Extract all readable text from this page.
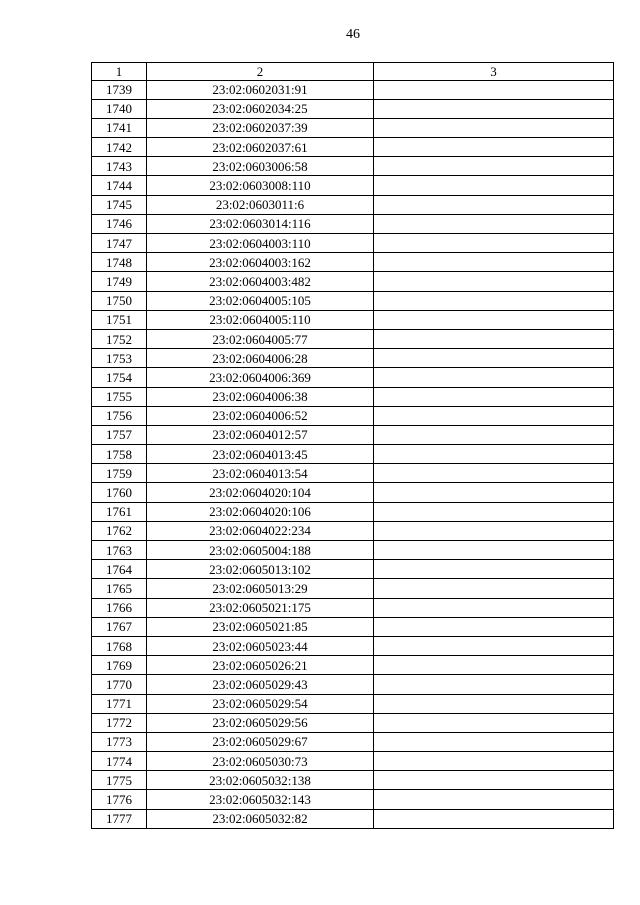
46
1	2	3
1739	23:02:0602031:91	
1740	23:02:0602034:25	
1741	23:02:0602037:39	
1742	23:02:0602037:61	
1743	23:02:0603006:58	
1744	23:02:0603008:110	
1745	23:02:0603011:6	
1746	23:02:0603014:116	
1747	23:02:0604003:110	
1748	23:02:0604003:162	
1749	23:02:0604003:482	
1750	23:02:0604005:105	
1751	23:02:0604005:110	
1752	23:02:0604005:77	
1753	23:02:0604006:28	
1754	23:02:0604006:369	
1755	23:02:0604006:38	
1756	23:02:0604006:52	
1757	23:02:0604012:57	
1758	23:02:0604013:45	
1759	23:02:0604013:54	
1760	23:02:0604020:104	
1761	23:02:0604020:106	
1762	23:02:0604022:234	
1763	23:02:0605004:188	
1764	23:02:0605013:102	
1765	23:02:0605013:29	
1766	23:02:0605021:175	
1767	23:02:0605021:85	
1768	23:02:0605023:44	
1769	23:02:0605026:21	
1770	23:02:0605029:43	
1771	23:02:0605029:54	
1772	23:02:0605029:56	
1773	23:02:0605029:67	
1774	23:02:0605030:73	
1775	23:02:0605032:138	
1776	23:02:0605032:143	
1777	23:02:0605032:82	
